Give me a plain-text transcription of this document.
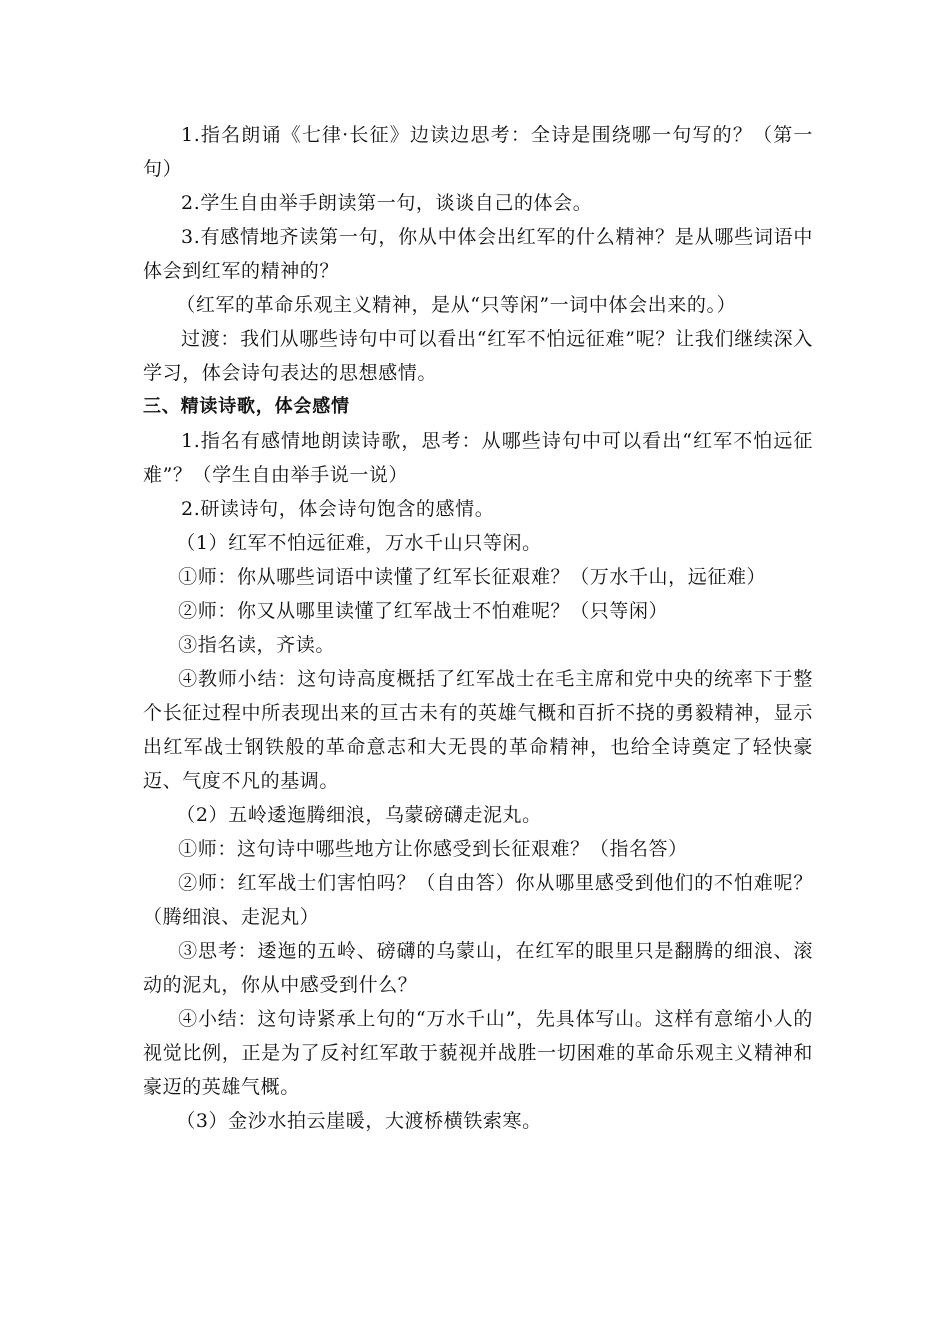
1.指名朗诵《七律·长征》边读边思考：全诗是围绕哪一句写的？（第一句）

2.学生自由举手朗读第一句，谈谈自己的体会。

3.有感情地齐读第一句，你从中体会出红军的什么精神？是从哪些词语中体会到红军的精神的？

（红军的革命乐观主义精神，是从“只等闲”一词中体会出来的。）

过渡：我们从哪些诗句中可以看出“红军不怕远征难”呢？让我们继续深入学习，体会诗句表达的思想感情。

三、精读诗歌，体会感情

1.指名有感情地朗读诗歌，思考：从哪些诗句中可以看出“红军不怕远征难”？（学生自由举手说一说）

2.研读诗句，体会诗句饱含的感情。

（1）红军不怕远征难，万水千山只等闲。

①师：你从哪些词语中读懂了红军长征艰难？（万水千山，远征难）

②师：你又从哪里读懂了红军战士不怕难呢？（只等闲）

③指名读，齐读。

④教师小结：这句诗高度概括了红军战士在毛主席和党中央的统率下于整个长征过程中所表现出来的亘古未有的英雄气概和百折不挠的勇毅精神，显示出红军战士钢铁般的革命意志和大无畏的革命精神，也给全诗奠定了轻快豪迈、气度不凡的基调。

（2）五岭逶迤腾细浪，乌蒙磅礴走泥丸。

①师：这句诗中哪些地方让你感受到长征艰难？（指名答）

②师：红军战士们害怕吗？（自由答）你从哪里感受到他们的不怕难呢？（腾细浪、走泥丸）

③思考：逶迤的五岭、磅礴的乌蒙山，在红军的眼里只是翻腾的细浪、滚动的泥丸，你从中感受到什么？

④小结：这句诗紧承上句的“万水千山”，先具体写山。这样有意缩小人的视觉比例，正是为了反衬红军敢于藐视并战胜一切困难的革命乐观主义精神和豪迈的英雄气概。

（3）金沙水拍云崖暖，大渡桥横铁索寒。
